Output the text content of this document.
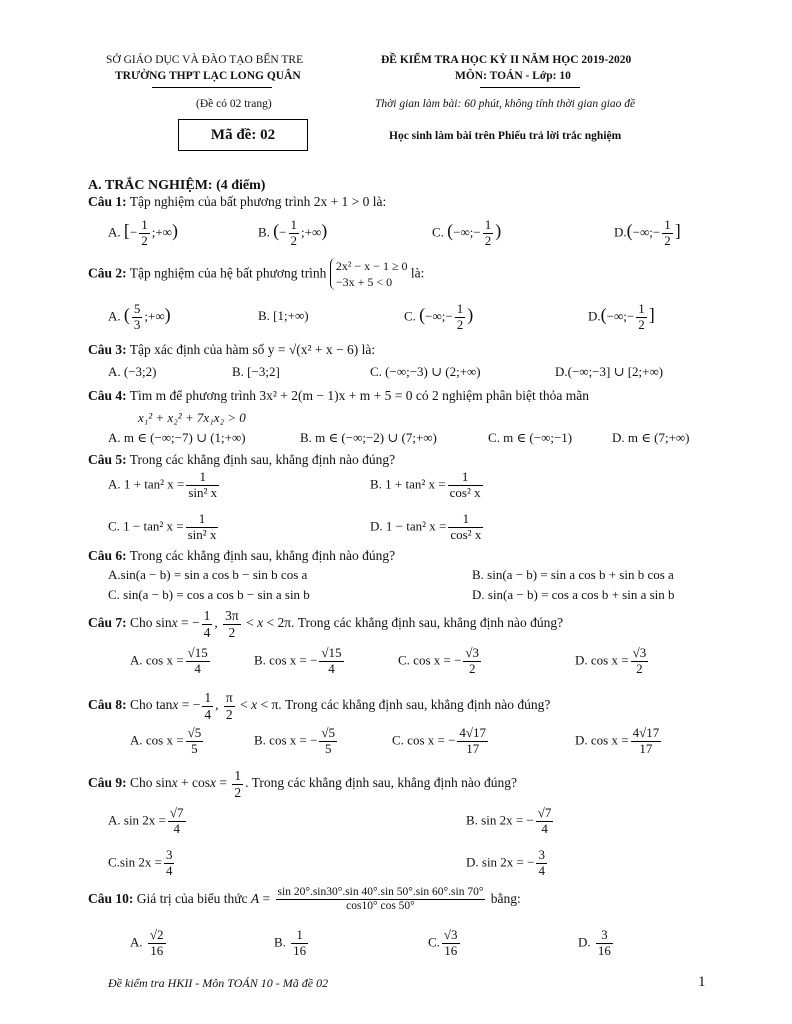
SỞ GIÁO DỤC VÀ ĐÀO TẠO BẾN TRE
TRƯỜNG THPT LẠC LONG QUÂN
ĐỀ KIỂM TRA HỌC KỲ II NĂM HỌC 2019-2020
MÔN: TOÁN - Lớp: 10
(Đề có 02 trang)	Thời gian làm bài: 60 phút, không tính thời gian giao đề
Mã đề: 02	Học sinh làm bài trên Phiếu trả lời trắc nghiệm
A. TRẮC NGHIỆM: (4 điểm)
Câu 1: Tập nghiệm của bất phương trình 2x + 1 > 0 là:
A. [− $\frac{1}{2}$ ;+∞)	B. (− $\frac{1}{2}$ ;+∞)	C. (−∞;− $\frac{1}{2}$ )	D.(−∞;− $\frac{1}{2}$ ]
Câu 2: Tập nghiệm của hệ bất phương trình 2x² − x − 1 ≥ 0
−3x + 5 < 0
là:
A. ( $\frac{5}{3}$ ;+∞)	B. [1;+∞)	C. (−∞;− $\frac{1}{2}$ )	D.(−∞;− $\frac{1}{2}$ ]
Câu 3: Tập xác định của hàm số y = √(x² + x − 6) là:
A. (−3;2)	B. [−3;2]	C. (−∞;−3) ∪ (2;+∞)	D.(−∞;−3] ∪ [2;+∞)
Câu 4: Tìm m để phương trình 3x² + 2(m − 1)x + m + 5 = 0 có 2 nghiệm phân biệt thỏa mãn
x₁² + x₂² + 7x₁x₂ > 0
A. m ∈ (−∞;−7) ∪ (1;+∞)	B. m ∈ (−∞;−2) ∪ (7;+∞)	C. m ∈ (−∞;−1)	D. m ∈ (7;+∞)
Câu 5: Trong các khẳng định sau, khẳng định nào đúng?
A. 1 + tan² $x = \frac{1}{\text{sin² x}}$	B. 1 + tan² $x = \frac{1}{\text{cos² x}}$
C. 1 − tan² $x = \frac{1}{\text{sin² x}}$	D. 1 − tan² $x = \frac{1}{\text{cos² x}}$
Câu 6: Trong các khẳng định sau, khẳng định nào đúng?
A.sin(a − b) = sin a cos b − sin b cos a	B. sin(a − b) = sin a cos b + sin b cos a
C. sin(a − b) = cos a cos b − sin a sin b	D. sin(a − b) = cos a cos b + sin a sin b
Câu 7: Cho sinx = − $\frac{1}{4}$ , $\frac{3\pi}{2} < x < 2\pi$. Trong các khẳng định sau, khẳng định nào đúng?
A. $\cos x = \frac{√15}{4}$	B. cos x = − $\frac{√15}{4}$	C. cos x = − $\frac{√3}{2}$	D. $\cos x = \frac{√3}{2}$
Câu 8: Cho tanx = − $\frac{1}{4}$ , $\frac{\pi}{2} < x < \pi$. Trong các khẳng định sau, khẳng định nào đúng?
A. $\cos x = \frac{√5}{5}$	B. cos x = − $\frac{√5}{5}$	C. cos x = − $\frac{4√17}{17}$	D. $\cos x = \frac{4√17}{17}$
Câu 9: Cho $\sin x + \cos x = \frac{1}{2}$ . Trong các khẳng định sau, khẳng định nào đúng?
A. $\sin 2x = \frac{√7}{4}$	B. sin 2x = − $\frac{√7}{4}$
C.sin $2x = \frac{3}{4}$	D. sin 2x = − $\frac{3}{4}$
Câu 10: Giá trị của biểu thức $A = \frac{\sin 20^\circ.\sin 30^\circ.\sin 40^\circ.\sin 50^\circ.\sin 60^\circ.\sin 70^\circ}{\cos 10^\circ \cos 50^\circ}$ bằng:
A. $\frac{√2}{16}$	B. $\frac{1}{16}$	C. $\frac{√3}{16}$	D. $\frac{3}{16}$
Đề kiểm tra HKII - Môn TOÁN 10 - Mã đề 02	1
